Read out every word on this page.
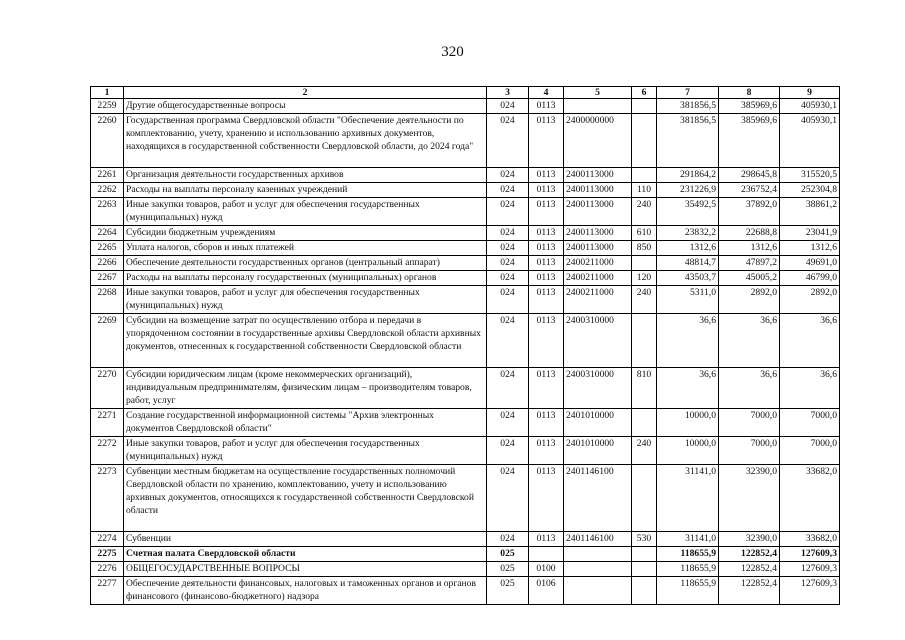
320
1	2	3	4	5	6	7	8	9
2259	Другие общегосударственные вопросы	024	0113			381856,5	385969,6	405930,1
2260	Государственная программа Свердловской области "Обеспечение деятельности по комплектованию, учету, хранению и использованию архивных документов, находящихся в государственной собственности Свердловской области, до 2024 года"	024	0113	2400000000		381856,5	385969,6	405930,1
2261	Организация деятельности государственных архивов	024	0113	2400113000		291864,2	298645,8	315520,5
2262	Расходы на выплаты персоналу казенных учреждений	024	0113	2400113000	110	231226,9	236752,4	252304,8
2263	Иные закупки товаров, работ и услуг для обеспечения государственных (муниципальных) нужд	024	0113	2400113000	240	35492,5	37892,0	38861,2
2264	Субсидии бюджетным учреждениям	024	0113	2400113000	610	23832,2	22688,8	23041,9
2265	Уплата налогов, сборов и иных платежей	024	0113	2400113000	850	1312,6	1312,6	1312,6
2266	Обеспечение деятельности государственных органов (центральный аппарат)	024	0113	2400211000		48814,7	47897,2	49691,0
2267	Расходы на выплаты персоналу государственных (муниципальных) органов	024	0113	2400211000	120	43503,7	45005,2	46799,0
2268	Иные закупки товаров, работ и услуг для обеспечения государственных (муниципальных) нужд	024	0113	2400211000	240	5311,0	2892,0	2892,0
2269	Субсидии на возмещение затрат по осуществлению отбора и передачи в упорядоченном состоянии в государственные архивы Свердловской области архивных документов, отнесенных к государственной собственности Свердловской области	024	0113	2400310000		36,6	36,6	36,6
2270	Субсидии юридическим лицам (кроме некоммерческих организаций), индивидуальным предпринимателям, физическим лицам – производителям товаров, работ, услуг	024	0113	2400310000	810	36,6	36,6	36,6
2271	Создание государственной информационной системы "Архив электронных документов Свердловской области"	024	0113	2401010000		10000,0	7000,0	7000,0
2272	Иные закупки товаров, работ и услуг для обеспечения государственных (муниципальных) нужд	024	0113	2401010000	240	10000,0	7000,0	7000,0
2273	Субвенции местным бюджетам на осуществление государственных полномочий Свердловской области по хранению, комплектованию, учету и использованию архивных документов, относящихся к государственной собственности Свердловской области	024	0113	2401146100		31141,0	32390,0	33682,0
2274	Субвенции	024	0113	2401146100	530	31141,0	32390,0	33682,0
2275	Счетная палата Свердловской области	025				118655,9	122852,4	127609,3
2276	ОБЩЕГОСУДАРСТВЕННЫЕ ВОПРОСЫ	025	0100			118655,9	122852,4	127609,3
2277	Обеспечение деятельности финансовых, налоговых и таможенных органов и органов финансового (финансово-бюджетного) надзора	025	0106			118655,9	122852,4	127609,3
